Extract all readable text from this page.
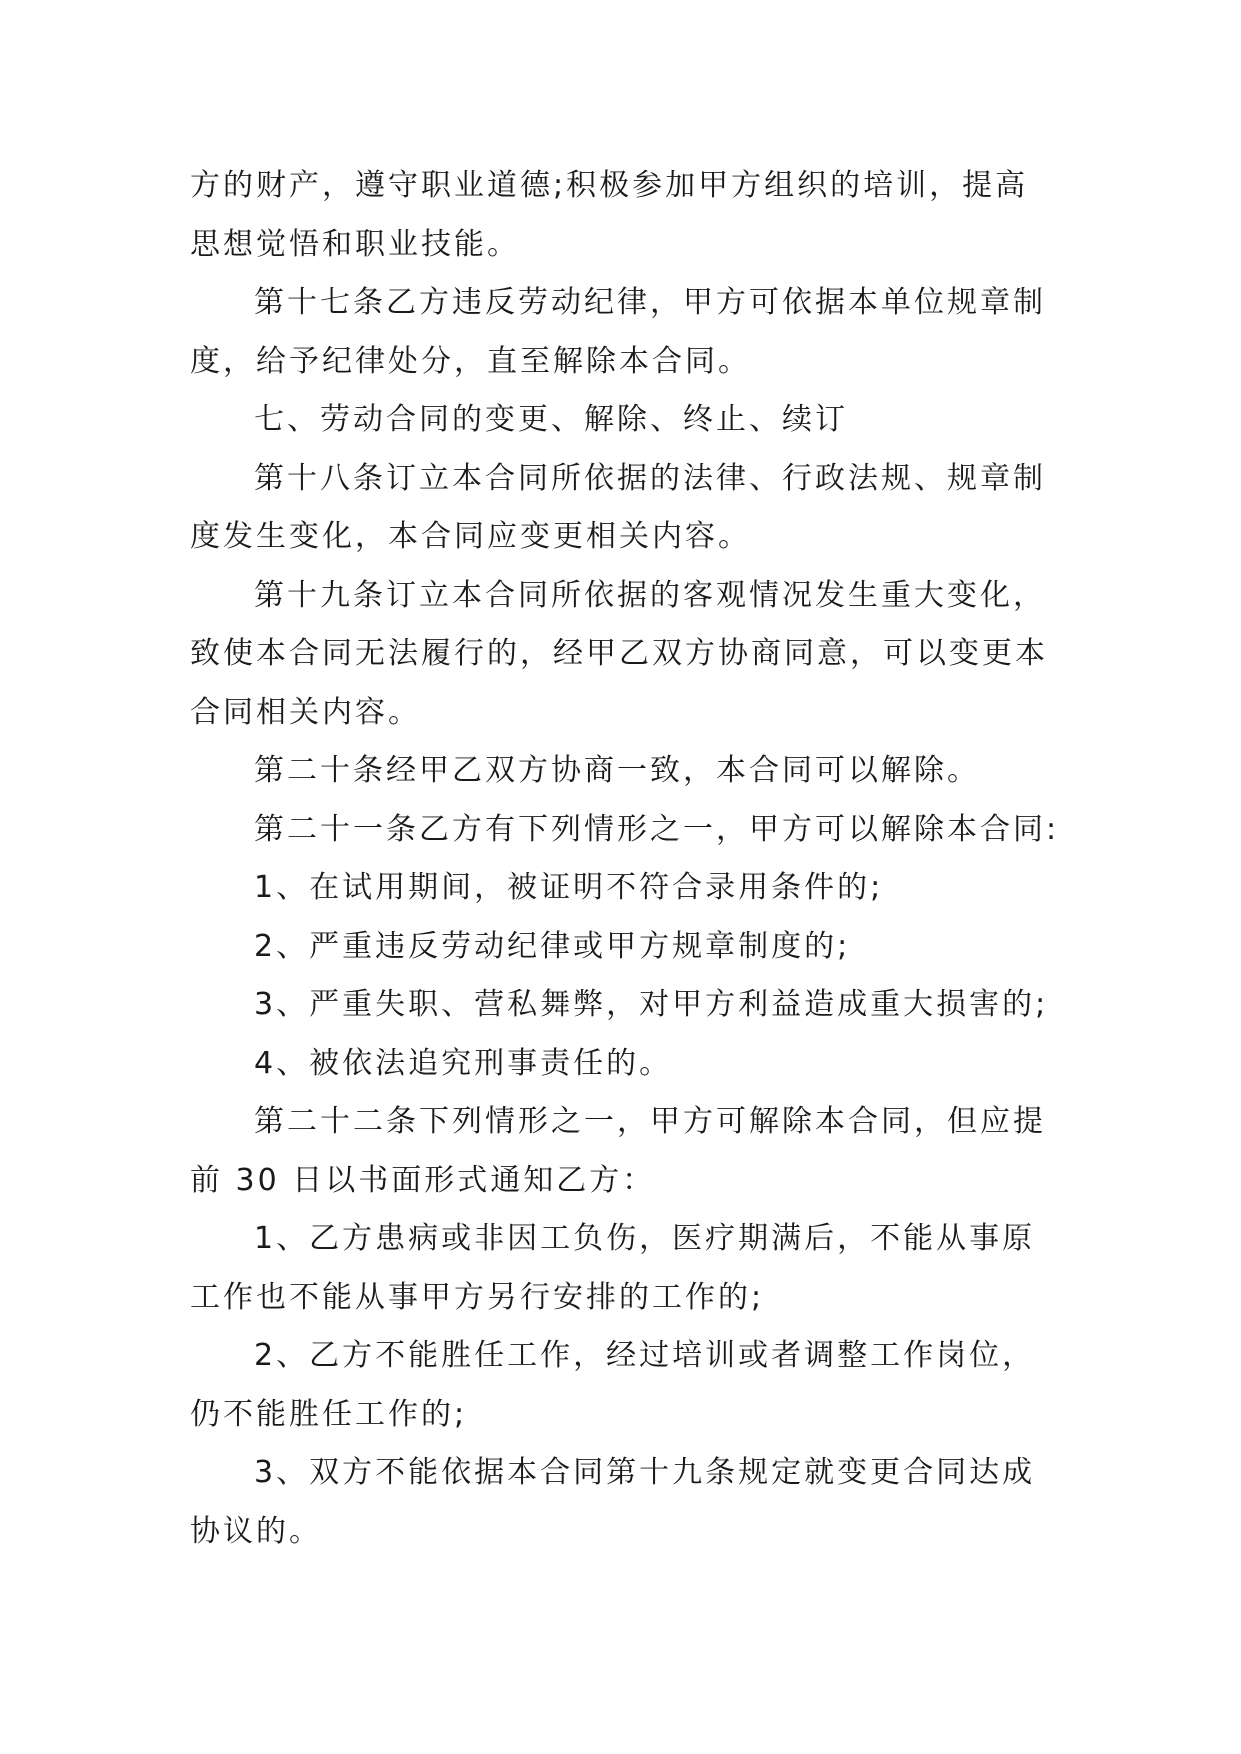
方的财产，遵守职业道德;积极参加甲方组织的培训，提高
思想觉悟和职业技能。
第十七条乙方违反劳动纪律，甲方可依据本单位规章制
度，给予纪律处分，直至解除本合同。
七、劳动合同的变更、解除、终止、续订
第十八条订立本合同所依据的法律、行政法规、规章制
度发生变化，本合同应变更相关内容。
第十九条订立本合同所依据的客观情况发生重大变化，
致使本合同无法履行的，经甲乙双方协商同意，可以变更本
合同相关内容。
第二十条经甲乙双方协商一致，本合同可以解除。
第二十一条乙方有下列情形之一，甲方可以解除本合同:
1、在试用期间，被证明不符合录用条件的;
2、严重违反劳动纪律或甲方规章制度的;
3、严重失职、营私舞弊，对甲方利益造成重大损害的;
4、被依法追究刑事责任的。
第二十二条下列情形之一，甲方可解除本合同，但应提
前 30 日以书面形式通知乙方：
1、乙方患病或非因工负伤，医疗期满后，不能从事原
工作也不能从事甲方另行安排的工作的;
2、乙方不能胜任工作，经过培训或者调整工作岗位，
仍不能胜任工作的;
3、双方不能依据本合同第十九条规定就变更合同达成
协议的。
